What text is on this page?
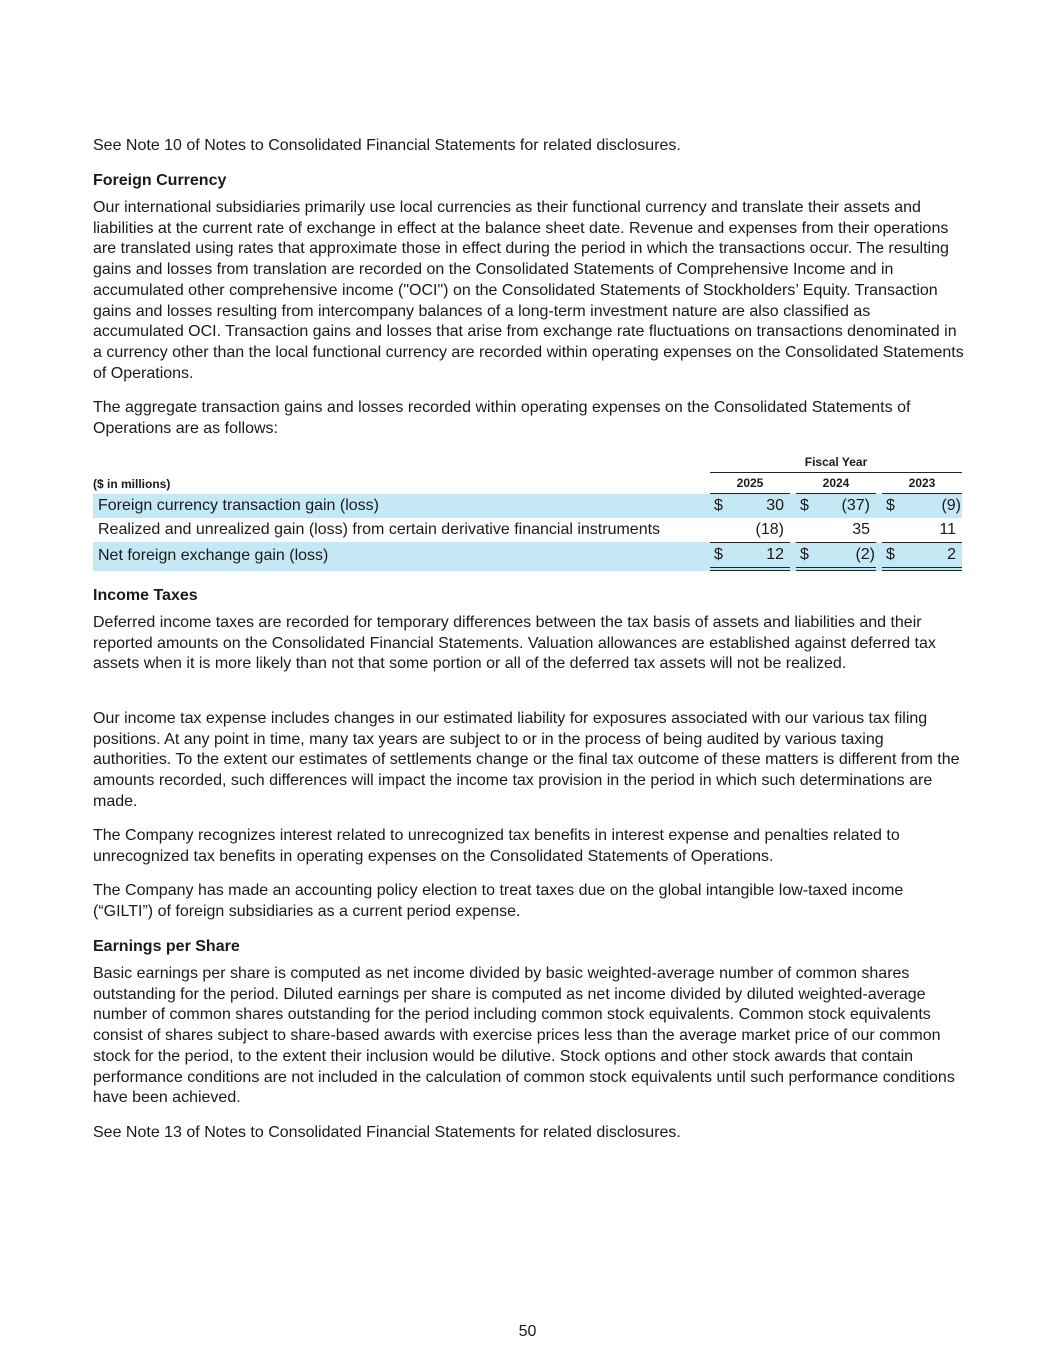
See Note 10 of Notes to Consolidated Financial Statements for related disclosures.

Foreign Currency

Our international subsidiaries primarily use local currencies as their functional currency and translate their assets and liabilities at the current rate of exchange in effect at the balance sheet date. Revenue and expenses from their operations are translated using rates that approximate those in effect during the period in which the transactions occur. The resulting gains and losses from translation are recorded on the Consolidated Statements of Comprehensive Income and in accumulated other comprehensive income ("OCI") on the Consolidated Statements of Stockholders’ Equity. Transaction gains and losses resulting from intercompany balances of a long-term investment nature are also classified as accumulated OCI. Transaction gains and losses that arise from exchange rate fluctuations on transactions denominated in a currency other than the local functional currency are recorded within operating expenses on the Consolidated Statements of Operations.

The aggregate transaction gains and losses recorded within operating expenses on the Consolidated Statements of Operations are as follows:

	Fiscal Year							
($ in millions)	2025			2024			2023	
Foreign currency transaction gain (loss)	$	30		$	(37)		$	(9)
Realized and unrealized gain (loss) from certain derivative financial instruments		(18)			35			11
Net foreign exchange gain (loss)	$	12		$	(2)		$	2
Income Taxes

Deferred income taxes are recorded for temporary differences between the tax basis of assets and liabilities and their reported amounts on the Consolidated Financial Statements. Valuation allowances are established against deferred tax assets when it is more likely than not that some portion or all of the deferred tax assets will not be realized.

Our income tax expense includes changes in our estimated liability for exposures associated with our various tax filing positions. At any point in time, many tax years are subject to or in the process of being audited by various taxing authorities. To the extent our estimates of settlements change or the final tax outcome of these matters is different from the amounts recorded, such differences will impact the income tax provision in the period in which such determinations are made.

The Company recognizes interest related to unrecognized tax benefits in interest expense and penalties related to unrecognized tax benefits in operating expenses on the Consolidated Statements of Operations.

The Company has made an accounting policy election to treat taxes due on the global intangible low-taxed income (“GILTI”) of foreign subsidiaries as a current period expense.

Earnings per Share

Basic earnings per share is computed as net income divided by basic weighted-average number of common shares outstanding for the period. Diluted earnings per share is computed as net income divided by diluted weighted-average number of common shares outstanding for the period including common stock equivalents. Common stock equivalents consist of shares subject to share-based awards with exercise prices less than the average market price of our common stock for the period, to the extent their inclusion would be dilutive. Stock options and other stock awards that contain performance conditions are not included in the calculation of common stock equivalents until such performance conditions have been achieved.

See Note 13 of Notes to Consolidated Financial Statements for related disclosures.

50
